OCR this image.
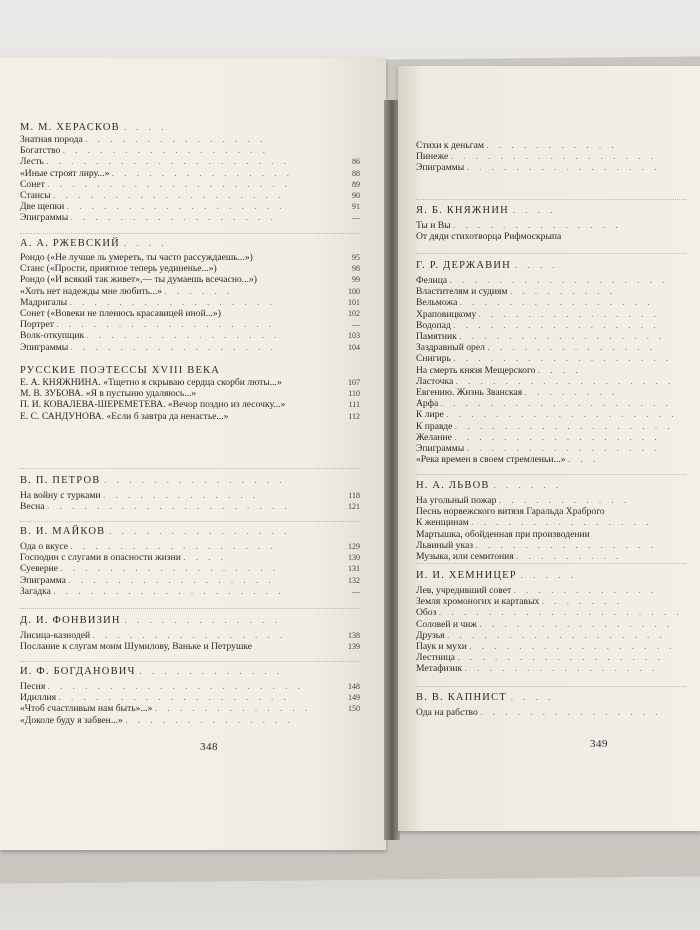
М. М. ХЕРАСКОВ . . . .
Знатная порода . . . . . . . . . . . . . . .
Богатство . . . . . . . . . . . . . . . . .
Лесть . . . . . . . . . . . . . . . . . . . .	86
«Иные строят лиру...» . . . . . . . . . . . . . . .	88
Сонет . . . . . . . . . . . . . . . . . . . .	89
Стансы . . . . . . . . . . . . . . . . . . .	90
Две щепки . . . . . . . . . . . . . . . . . .	91
Эпиграммы . . . . . . . . . . . . . . . . .	—
А. А. РЖЕВСКИЙ . . . .
Рондо («Не лучше ль умереть, ты часто рассуждаешь...»)	95
Станс («Прости, приятное теперь уединенье...»)	98
Рондо («И всякий так живет»,— ты думаешь всечасно...»)	99
«Хоть нет надежды мне любить...» . . . . . .	100
Мадригалы . . . . . . . . . . . . . . . . .	101
Сонет («Вовеки не пленюсь красавицей иной...»)	102
Портрет . . . . . . . . . . . . . . . . . .	—
Волк-откупщик . . . . . . . . . . . . . . . .	103
Эпиграммы . . . . . . . . . . . . . . . . .	104
РУССКИЕ ПОЭТЕССЫ XVIII ВЕКА
Е. А. КНЯЖНИНА. «Тщетно я скрываю сердца скорби люты...»	107
М. В. ЗУБОВА. «Я в пустыню удаляюсь...»	110
П. И. КОВАЛЕВА-ШЕРЕМЕТЕВА. «Вечор поздно из лесочку...»	111
Е. С. САНДУНОВА. «Если б завтра да ненастье...»	112
В. П. ПЕТРОВ . . . . . . . . . . . . . . .
На войну с турками . . . . . . . . . . . . .	118
Весна . . . . . . . . . . . . . . . . . . . .	121
В. И. МАЙКОВ . . . . . . . . . . . . . . .
Ода о вкусе . . . . . . . . . . . . . . . . .	129
Господин с слугами в опасности жизни . . . .	130
Суеверие . . . . . . . . . . . . . . . . . .	131
Эпиграмма . . . . . . . . . . . . . . . . .	132
Загадка . . . . . . . . . . . . . . . . . . .	—
Д. И. ФОНВИЗИН . . . . . . . . . . . . .
Лисица-казнодей . . . . . . . . . . . . . . . .	138
Послание к слугам моим Шумилову, Ваньке и Петрушке	139
И. Ф. БОГДАНОВИЧ . . . . . . . . . . . .
Песня . . . . . . . . . . . . . . . . . . . . .	148
Идиллия . . . . . . . . . . . . . . . . . . .	149
«Чтоб счастливым нам быть»...» . . . . . . . . . . . . .	150
«Доколе буду я забвен...» . . . . . . . . . . . . . .
348
Стихи к деньгам . . . . . . . . . . .
Пинеже . . . . . . . . . . . . . . . . .
Эпиграммы . . . . . . . . . . . . . . . .
Я. Б. КНЯЖНИН . . . .
Ты и Вы . . . . . . . . . . . . . .
От дяди стихотворца Рифмоскрыпа
Г. Р. ДЕРЖАВИН . . . .
Фелица . . . . . . . . . . . . . . . . . .
Властителям и судиям . . . . . . . . .
Вельможа . . . . . . . . . . . . . . . .
Храповицкому . . . . . . . . . . . . . . .
Водопад . . . . . . . . . . . . . . . . .
Памятник . . . . . . . . . . . . . . . . .
Заздравный орел . . . . . . . . . . . . . .
Снигирь . . . . . . . . . . . . . . . . . .
На смерть князя Мещерского . . . .
Ласточка . . . . . . . . . . . . . . . . . .
Евгению. Жизнь Званская . . . . . . . .
Арфа . . . . . . . . . . . . . . . . . . .
К лире . . . . . . . . . . . . . . . . . . .
К правде . . . . . . . . . . . . . . . . . .
Желание . . . . . . . . . . . . . . . . .
Эпиграммы . . . . . . . . . . . . . . . .
«Река времен в своем стремленьи...» . . .
Н. А. ЛЬВОВ . . . . . .
На угольный пожар . . . . . . . . . . .
Песнь норвежского витязя Гаральда Храброго
К женщинам . . . . . . . . . . . . . . .
Мартышка, обойденная при производении
Львиный указ . . . . . . . . . . . . . . .
Музыка, или семитония . . . . . . . . .
И. И. ХЕМНИЦЕР . . . . .
Лев, учредивший совет . . . . . . . . . . . .
Земля хромоногих и картавых . . . . . . .
Обоз . . . . . . . . . . . . . . . . . . . .
Соловей и чиж . . . . . . . . . . . . . . . .
Друзья . . . . . . . . . . . . . . . . . .
Паук и мухи . . . . . . . . . . . . . . . . .
Лестница . . . . . . . . . . . . . . . . .
Метафизик . . . . . . . . . . . . . . . .
В. В. КАПНИСТ . . . .
Ода на рабство . . . . . . . . . . . . . . .
349
